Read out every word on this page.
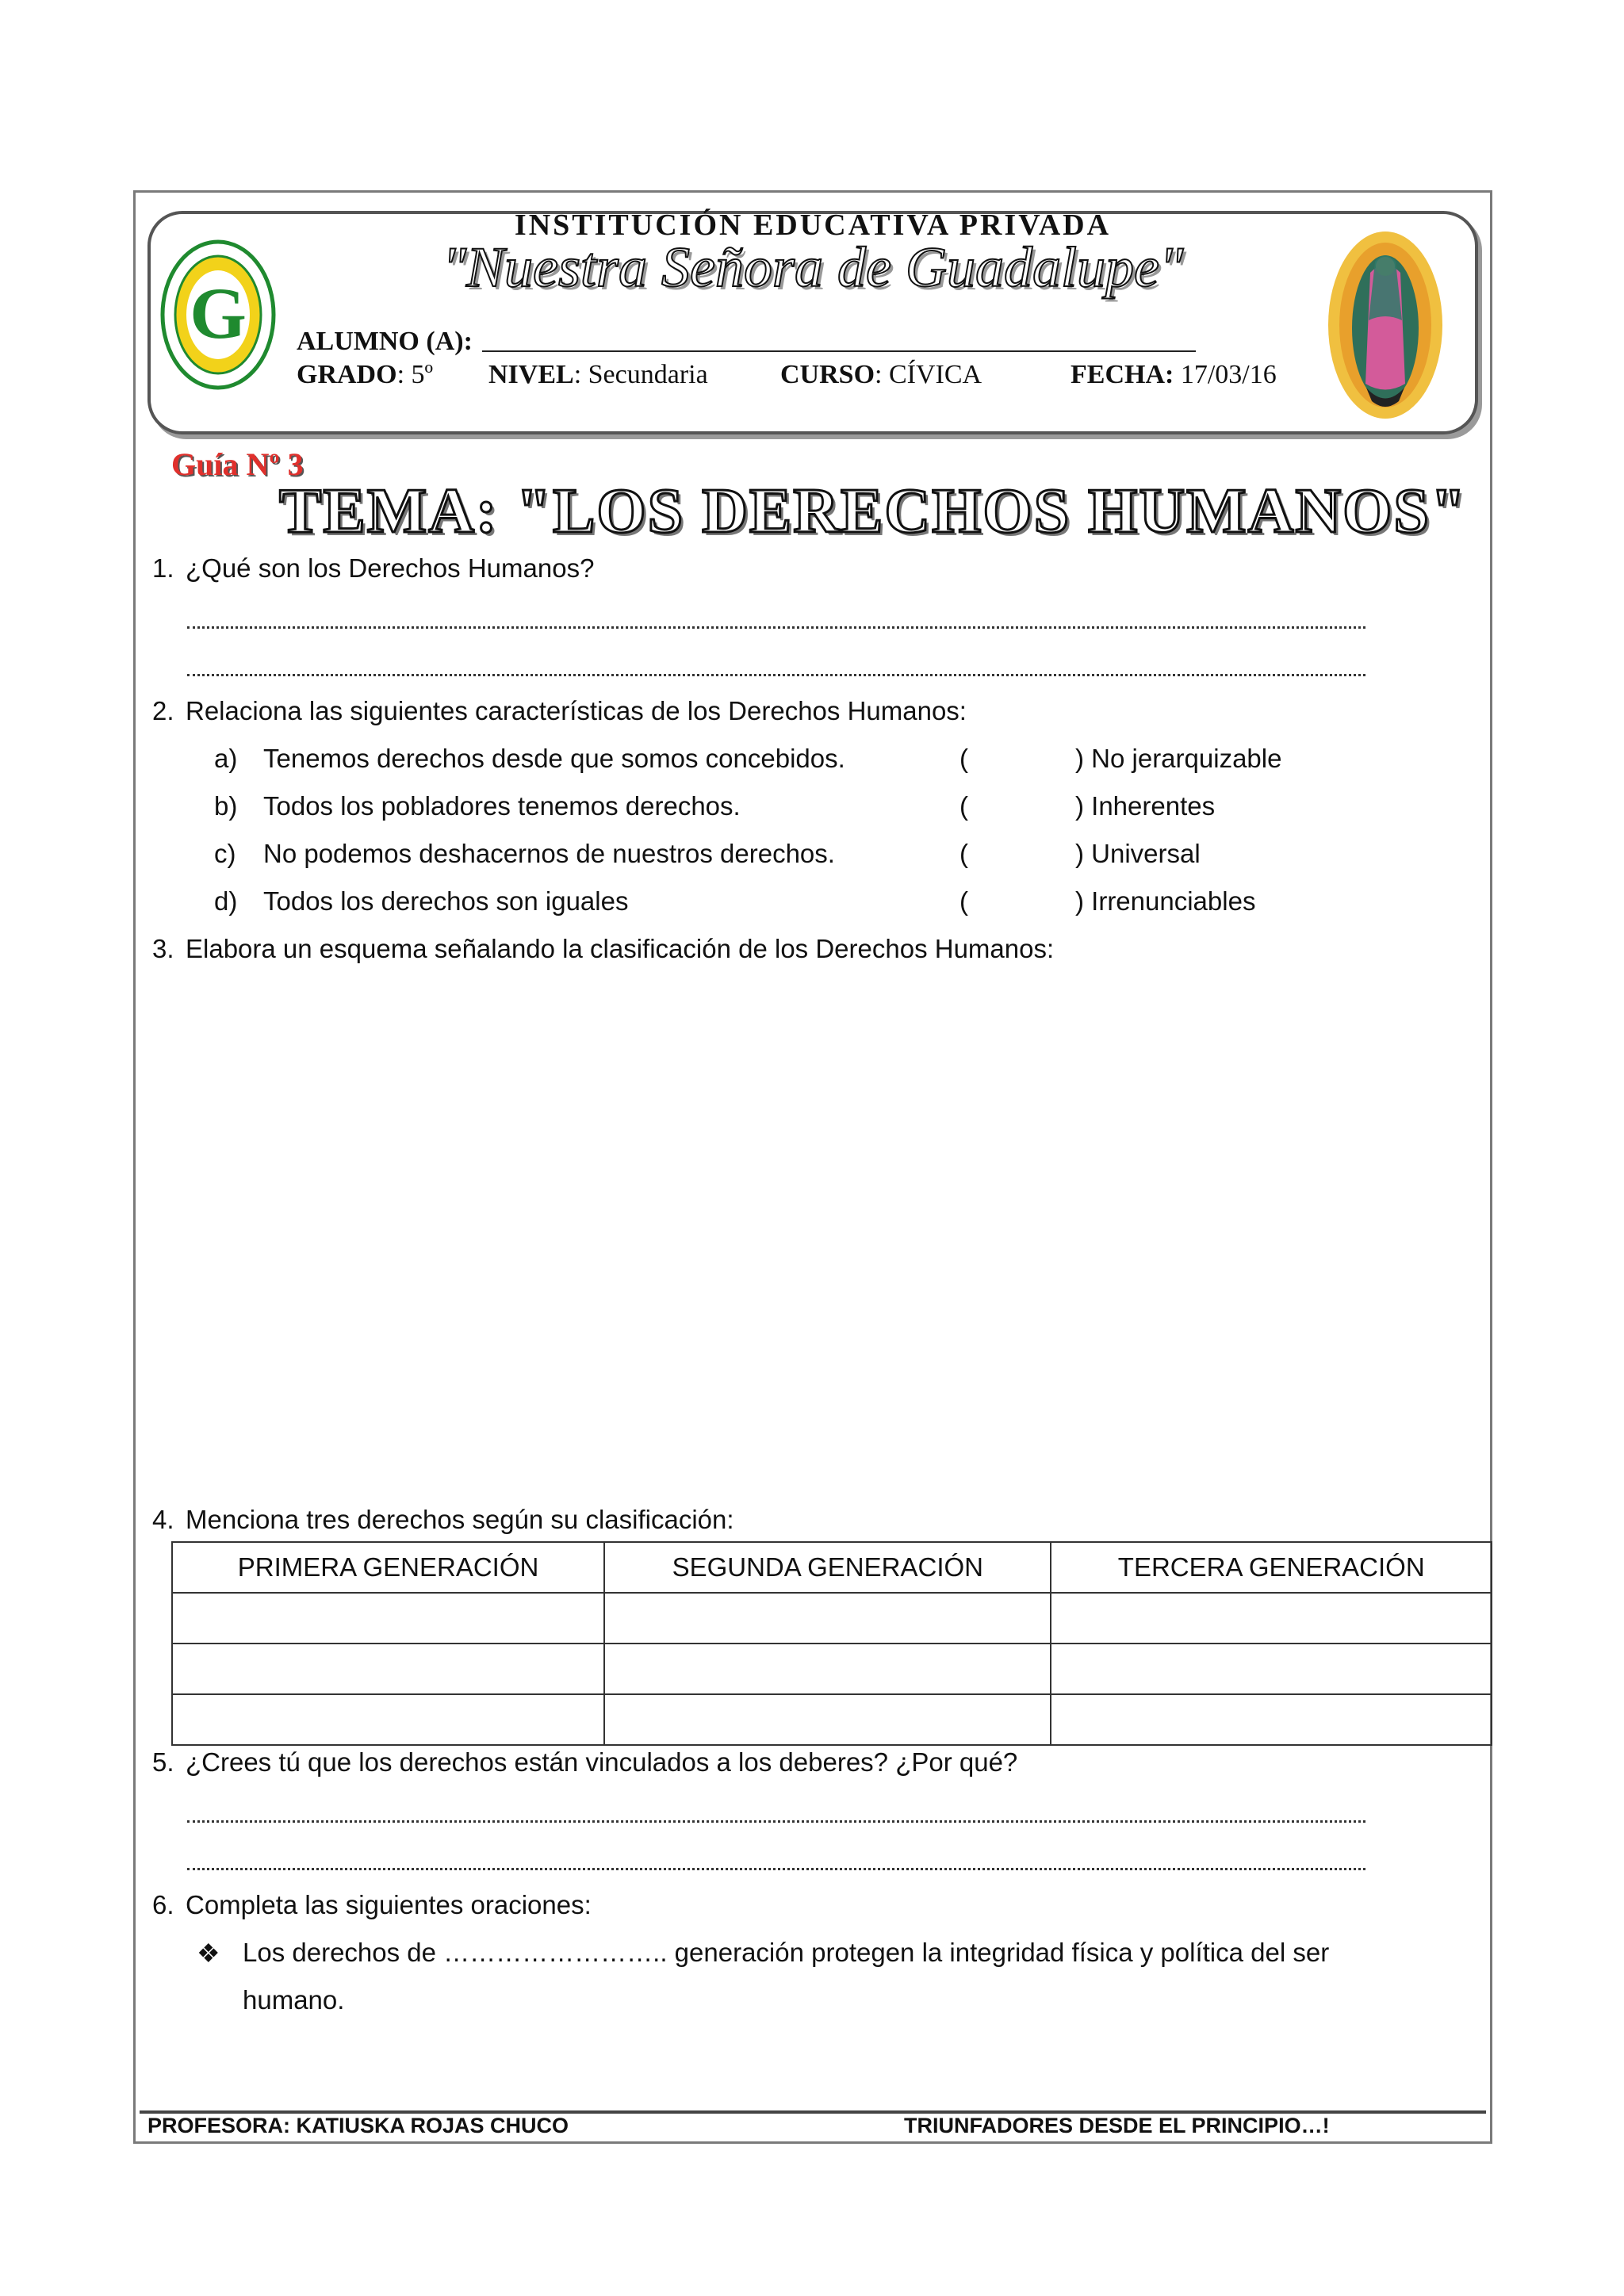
G
INSTITUCIÓN EDUCATIVA PRIVADA
"Nuestra Señora de Guadalupe"
ALUMNO (A):
GRADO: 5º NIVEL: Secundaria	CURSO: CÍVICA	FECHA: 17/03/16
Guía Nº 3
TEMA: "LOS DERECHOS HUMANOS"
1. ¿Qué son los Derechos Humanos?
2. Relaciona las siguientes características de los Derechos Humanos:
a) Tenemos derechos desde que somos concebidos.	(	) No jerarquizable
b) Todos los pobladores tenemos derechos.	(	) Inherentes
c) No podemos deshacernos de nuestros derechos.	(	) Universal
d) Todos los derechos son iguales	(	) Irrenunciables
3. Elabora un esquema señalando la clasificación de los Derechos Humanos:
4. Menciona tres derechos según su clasificación:
PRIMERA GENERACIÓN	SEGUNDA GENERACIÓN	TERCERA GENERACIÓN

5. ¿Crees tú que los derechos están vinculados a los deberes? ¿Por qué?
6. Completa las siguientes oraciones:
❖ Los derechos de …………………….. generación protegen la integridad física y política del ser
humano.
PROFESORA: KATIUSKA ROJAS CHUCO	TRIUNFADORES DESDE EL PRINCIPIO…!
